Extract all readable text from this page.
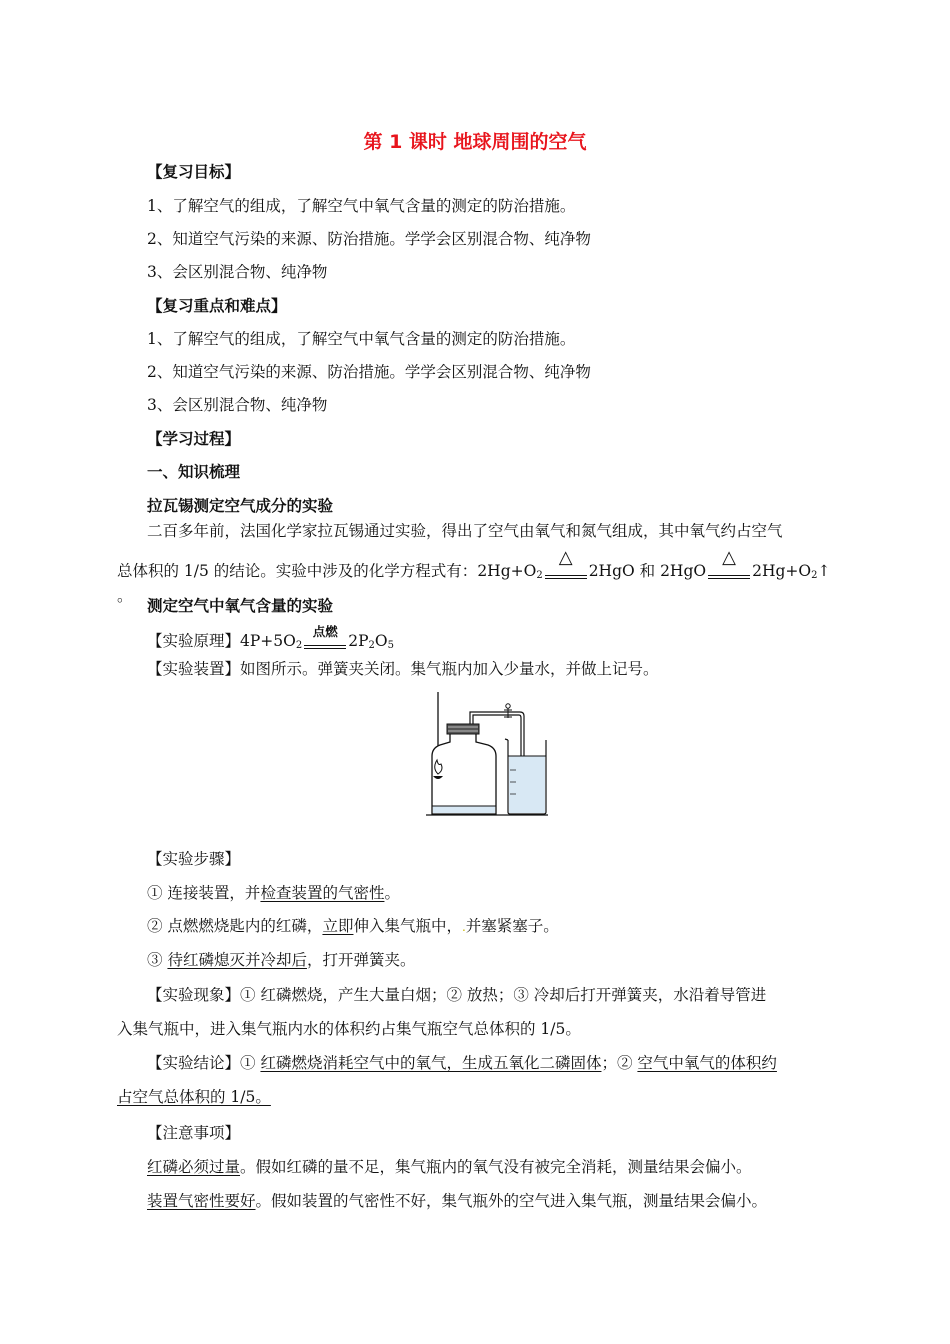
第 1 课时 地球周围的空气
【复习目标】
1、了解空气的组成，了解空气中氧气含量的测定的防治措施。
2、知道空气污染的来源、防治措施。学学会区别混合物、纯净物
3、会区别混合物、纯净物
【复习重点和难点】
1、了解空气的组成，了解空气中氧气含量的测定的防治措施。
2、知道空气污染的来源、防治措施。学学会区别混合物、纯净物
3、会区别混合物、纯净物
【学习过程】
一、知识梳理
拉瓦锡测定空气成分的实验
二百多年前，法国化学家拉瓦锡通过实验，得出了空气由氧气和氮气组成，其中氧气约占空气
总体积的 1/5 的结论。实验中涉及的化学方程式有：$2Hg+O_2$
△
2HgO 和 2HgO
△
$2Hg+O_2↑$ 。 测定空气中氧气含量的实验
【实验原理】$4P+5O_2$
点燃
$2P_2O_5$
【实验装置】如图所示。弹簧夹关闭。集气瓶内加入少量水，并做上记号。
【实验步骤】
① 连接装置，并检查装置的气密性。
② 点燃燃烧匙内的红磷，立即伸入集气瓶中，.并塞紧塞子。
③ 待红磷熄灭并冷却后，打开弹簧夹。
【实验现象】① 红磷燃烧，产生大量白烟；② 放热；③ 冷却后打开弹簧夹，水沿着导管进
入集气瓶中，进入集气瓶内水的体积约占集气瓶空气总体积的 1/5。
【实验结论】① 红磷燃烧消耗空气中的氧气，生成五氧化二磷固体；② 空气中氧气的体积约
占空气总体积的 1/5。
【注意事项】
红磷必须过量。假如红磷的量不足，集气瓶内的氧气没有被完全消耗，测量结果会偏小。
装置气密性要好。假如装置的气密性不好，集气瓶外的空气进入集气瓶，测量结果会偏小。
